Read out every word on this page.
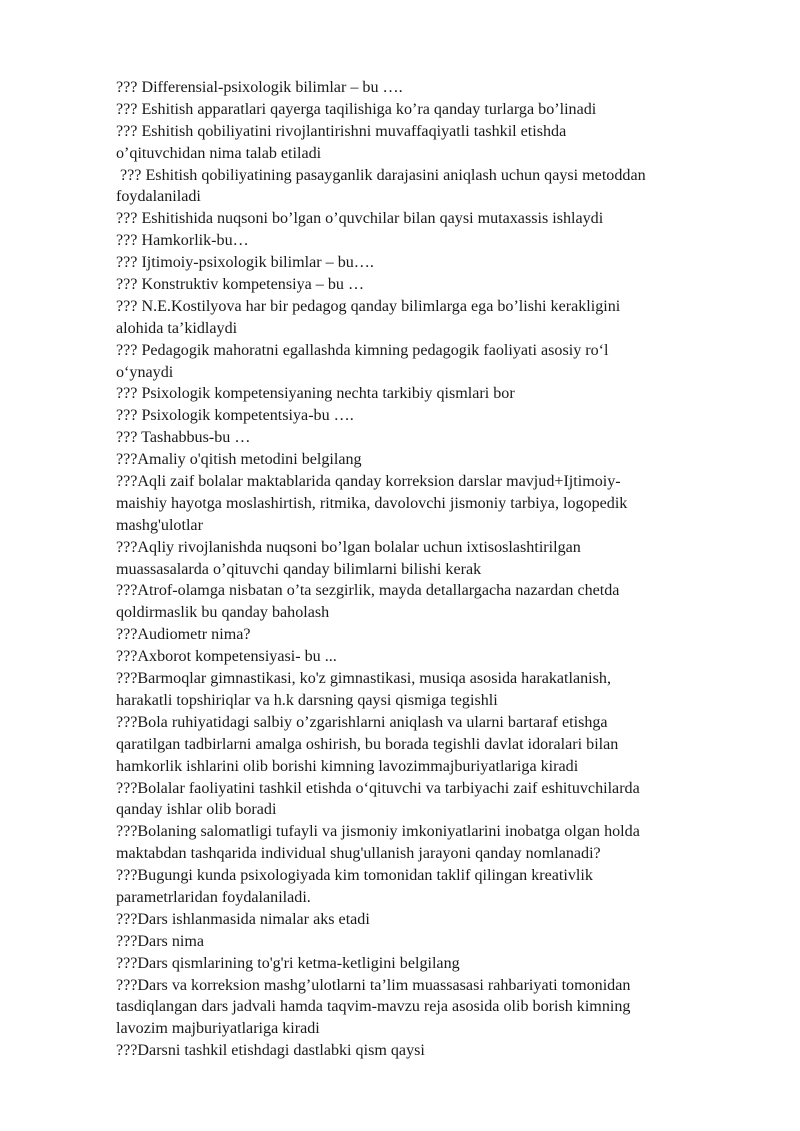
??? Differensial-psixologik bilimlar – bu ….
??? Eshitish apparatlari qayerga taqilishiga ko’ra qanday turlarga bo’linadi
??? Eshitish qobiliyatini rivojlantirishni muvaffaqiyatli tashkil etishda
o’qituvchidan nima talab etiladi
??? Eshitish qobiliyatining pasayganlik darajasini aniqlash uchun qaysi metoddan
foydalaniladi
??? Eshitishida nuqsoni bo’lgan o’quvchilar bilan qaysi mutaxassis ishlaydi
??? Hamkorlik-bu…
??? Ijtimoiy-psixologik bilimlar – bu….
??? Konstruktiv kompetensiya – bu …
??? N.E.Kostilyova har bir pedagog qanday bilimlarga ega bo’lishi kerakligini
alohida ta’kidlaydi
??? Pedagogik mahoratni egallashda kimning pedagogik faoliyati asosiy ro‘l
o‘ynaydi
??? Psixologik kompetensiyaning nechta tarkibiy qismlari bor
??? Psixologik kompetentsiya-bu ….
??? Tashabbus-bu …
???Amaliy o'qitish metodini belgilang
???Aqli zaif bolalar maktablarida qanday korreksion darslar mavjud+Ijtimoiy-
maishiy hayotga moslashirtish, ritmika, davolovchi jismoniy tarbiya, logopedik
mashg'ulotlar
???Aqliy rivojlanishda nuqsoni bo’lgan bolalar uchun ixtisoslashtirilgan
muassasalarda o’qituvchi qanday bilimlarni bilishi kerak
???Atrof-olamga nisbatan o’ta sezgirlik, mayda detallargacha nazardan chetda
qoldirmaslik bu qanday baholash
???Audiometr nima?
???Axborot kompetensiyasi- bu ...
???Barmoqlar gimnastikasi, ko'z gimnastikasi, musiqa asosida harakatlanish,
harakatli topshiriqlar va h.k darsning qaysi qismiga tegishli
???Bola ruhiyatidagi salbiy o’zgarishlarni aniqlash va ularni bartaraf etishga
qaratilgan tadbirlarni amalga oshirish, bu borada tegishli davlat idoralari bilan
hamkorlik ishlarini olib borishi kimning lavozimmajburiyatlariga kiradi
???Bolalar faoliyatini tashkil etishda o‘qituvchi va tarbiyachi zaif eshituvchilarda
qanday ishlar olib boradi
???Bolaning salomatligi tufayli va jismoniy imkoniyatlarini inobatga olgan holda
maktabdan tashqarida individual shug'ullanish jarayoni qanday nomlanadi?
???Bugungi kunda psixologiyada kim tomonidan taklif qilingan kreativlik
parametrlaridan foydalaniladi.
???Dars ishlanmasida nimalar aks etadi
???Dars nima
???Dars qismlarining to'g'ri ketma-ketligini belgilang
???Dars va korreksion mashg’ulotlarni ta’lim muassasasi rahbariyati tomonidan
tasdiqlangan dars jadvali hamda taqvim-mavzu reja asosida olib borish kimning
lavozim majburiyatlariga kiradi
???Darsni tashkil etishdagi dastlabki qism qaysi
